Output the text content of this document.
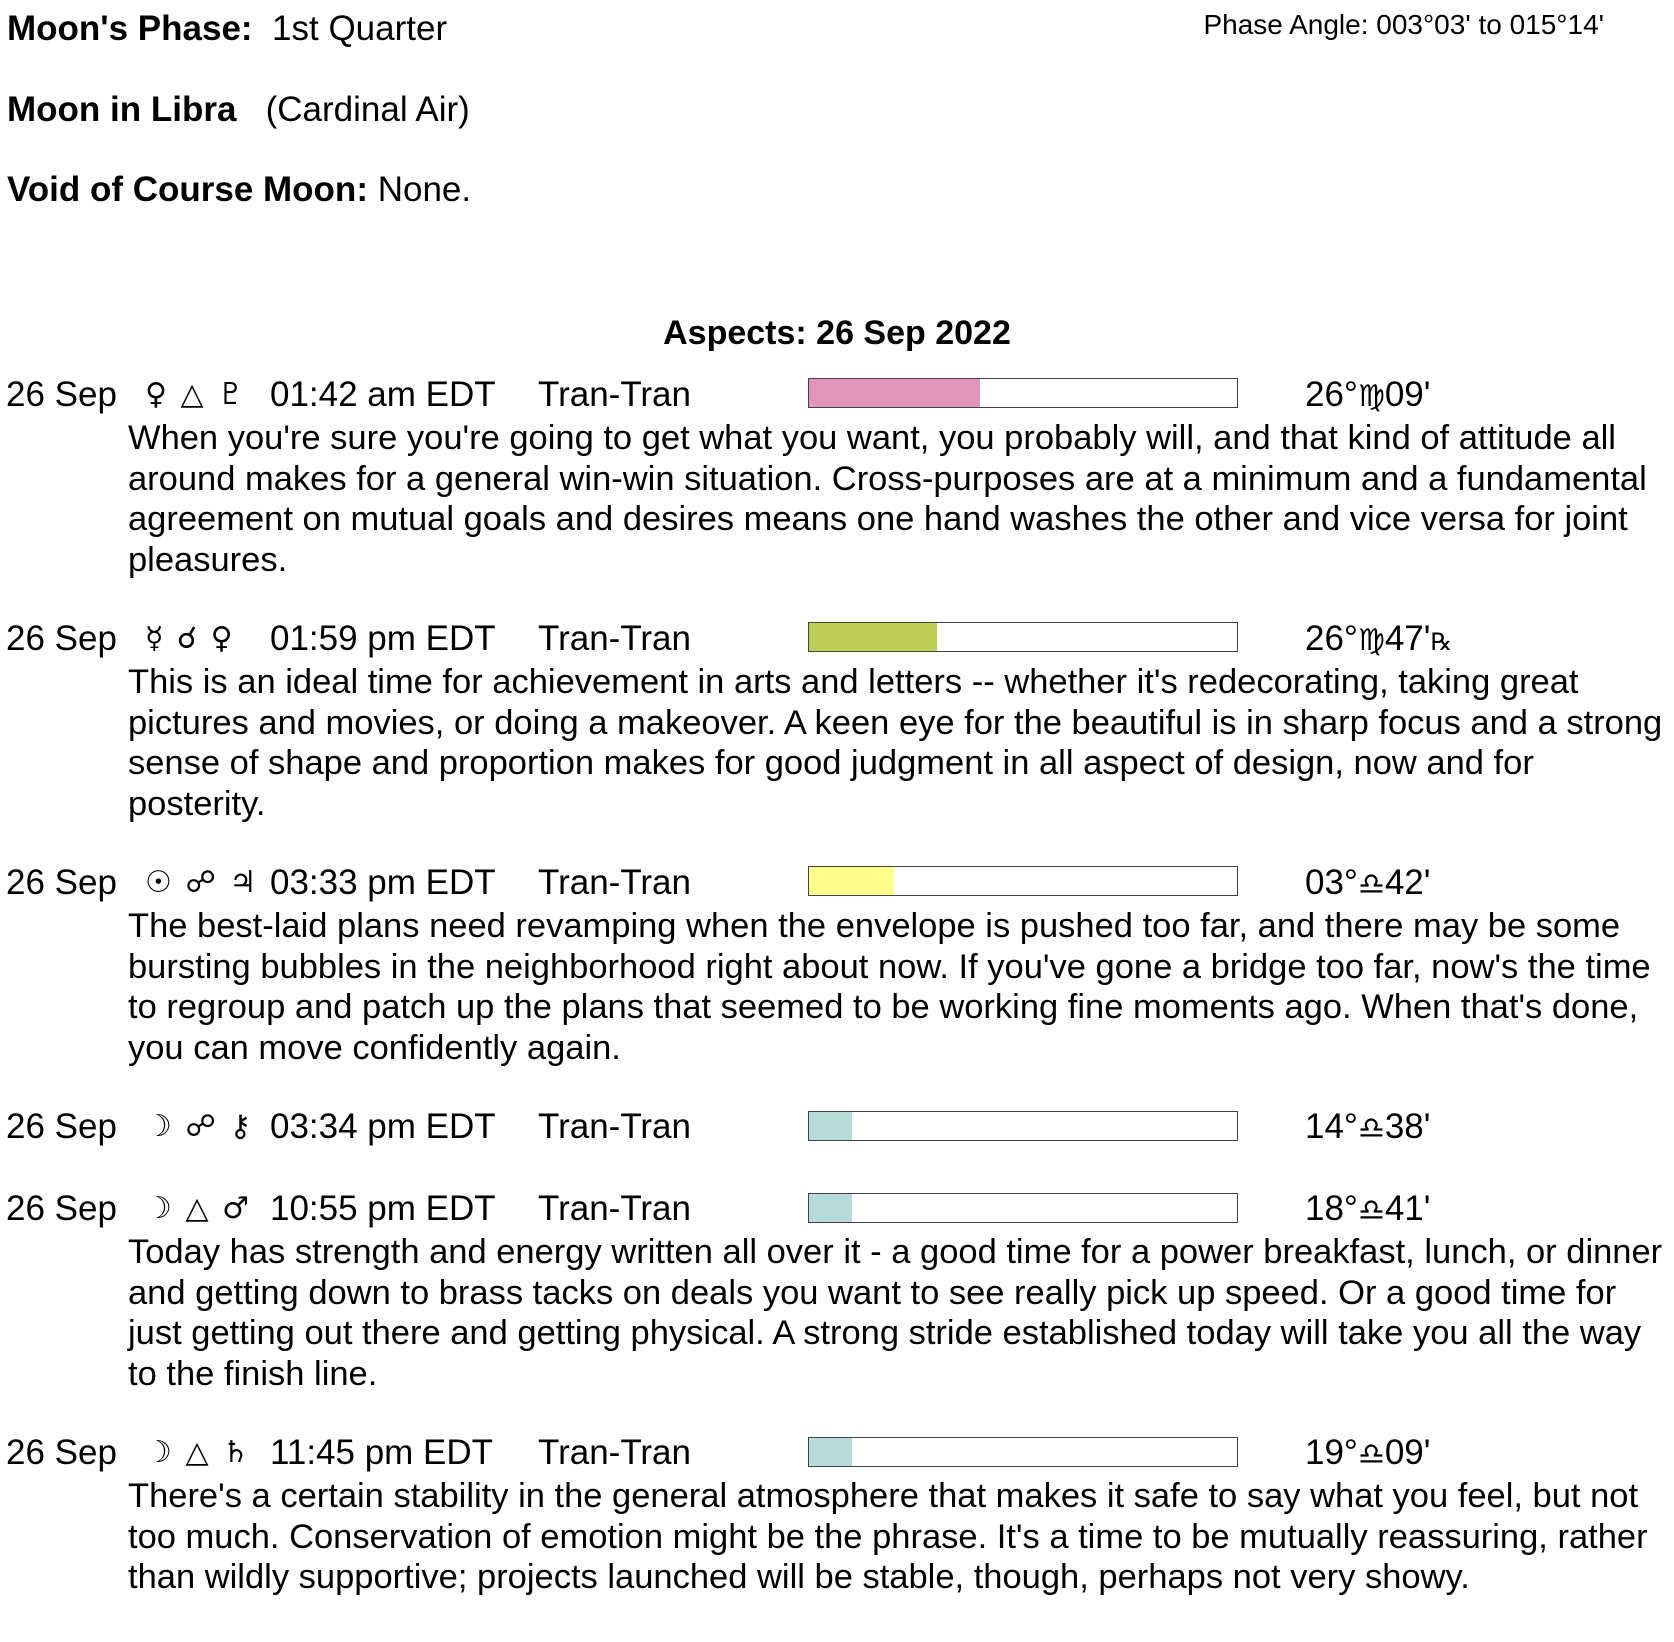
Moon's Phase: 1st Quarter	Phase Angle: 003°03' to 015°14'
Moon in Libra (Cardinal Air)
Void of Course Moon: None.
Aspects: 26 Sep 2022
26 Sep ♀ △ ♇ 01:42 am EDT Tran-Tran	26°♍09'
When you're sure you're going to get what you want, you probably will, and that kind of attitude all around makes for a general win-win situation. Cross-purposes are at a minimum and a fundamental agreement on mutual goals and desires means one hand washes the other and vice versa for joint pleasures.
26 Sep ☿ ☌ ♀ 01:59 pm EDT Tran-Tran	26°♍47'℞
This is an ideal time for achievement in arts and letters -- whether it's redecorating, taking great pictures and movies, or doing a makeover. A keen eye for the beautiful is in sharp focus and a strong sense of shape and proportion makes for good judgment in all aspect of design, now and for posterity.
26 Sep ☉ ☍ ♃ 03:33 pm EDT Tran-Tran	03°♎42'
The best-laid plans need revamping when the envelope is pushed too far, and there may be some bursting bubbles in the neighborhood right about now. If you've gone a bridge too far, now's the time to regroup and patch up the plans that seemed to be working fine moments ago. When that's done, you can move confidently again.
26 Sep ☽ ☍ ⚷ 03:34 pm EDT Tran-Tran	14°♎38'
26 Sep ☽ △ ♂ 10:55 pm EDT Tran-Tran	18°♎41'
Today has strength and energy written all over it - a good time for a power breakfast, lunch, or dinner and getting down to brass tacks on deals you want to see really pick up speed. Or a good time for just getting out there and getting physical. A strong stride established today will take you all the way to the finish line.
26 Sep ☽ △ ♄ 11:45 pm EDT Tran-Tran	19°♎09'
There's a certain stability in the general atmosphere that makes it safe to say what you feel, but not too much. Conservation of emotion might be the phrase. It's a time to be mutually reassuring, rather than wildly supportive; projects launched will be stable, though, perhaps not very showy.
